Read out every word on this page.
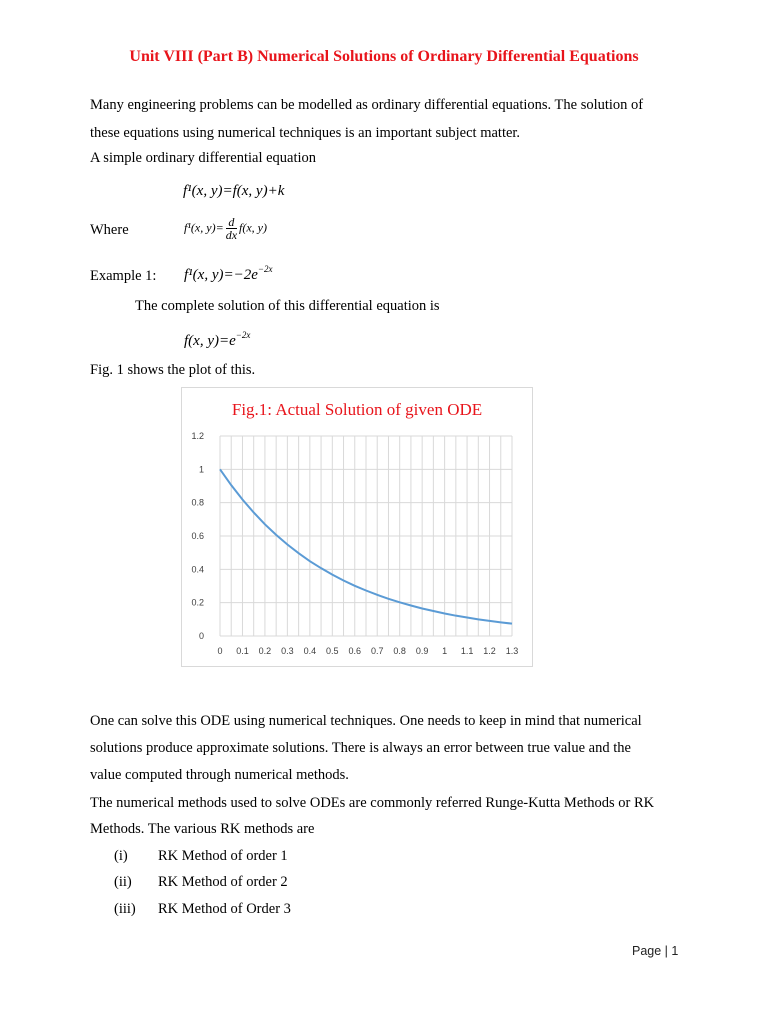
Unit VIII (Part B) Numerical Solutions of Ordinary Differential Equations
Many engineering problems can be modelled as ordinary differential equations. The solution of
these equations using numerical techniques is an important subject matter.
A simple ordinary differential equation
f¹(x, y)=f(x, y)+k
Where	f¹(x, $y)= \frac{d}{dx} f(x$, y)
Example 1: f¹(x, $y)=-2e^{-2x}$
The complete solution of this differential equation is
f(x, $y)=e^{-2x}$
Fig. 1 shows the plot of this.
Fig.1: Actual Solution of given ODE
0
0.2
0.4
0.6
0.8
1
1.2
0 0.1 0.2 0.3 0.4 0.5 0.6 0.7 0.8 0.9 1 1.1 1.2 1.3
One can solve this ODE using numerical techniques. One needs to keep in mind that numerical
solutions produce approximate solutions. There is always an error between true value and the
value computed through numerical methods.
The numerical methods used to solve ODEs are commonly referred Runge-Kutta Methods or RK
Methods. The various RK methods are
(i) RK Method of order 1
(ii) RK Method of order 2
(iii) RK Method of Order 3
Page | 1
